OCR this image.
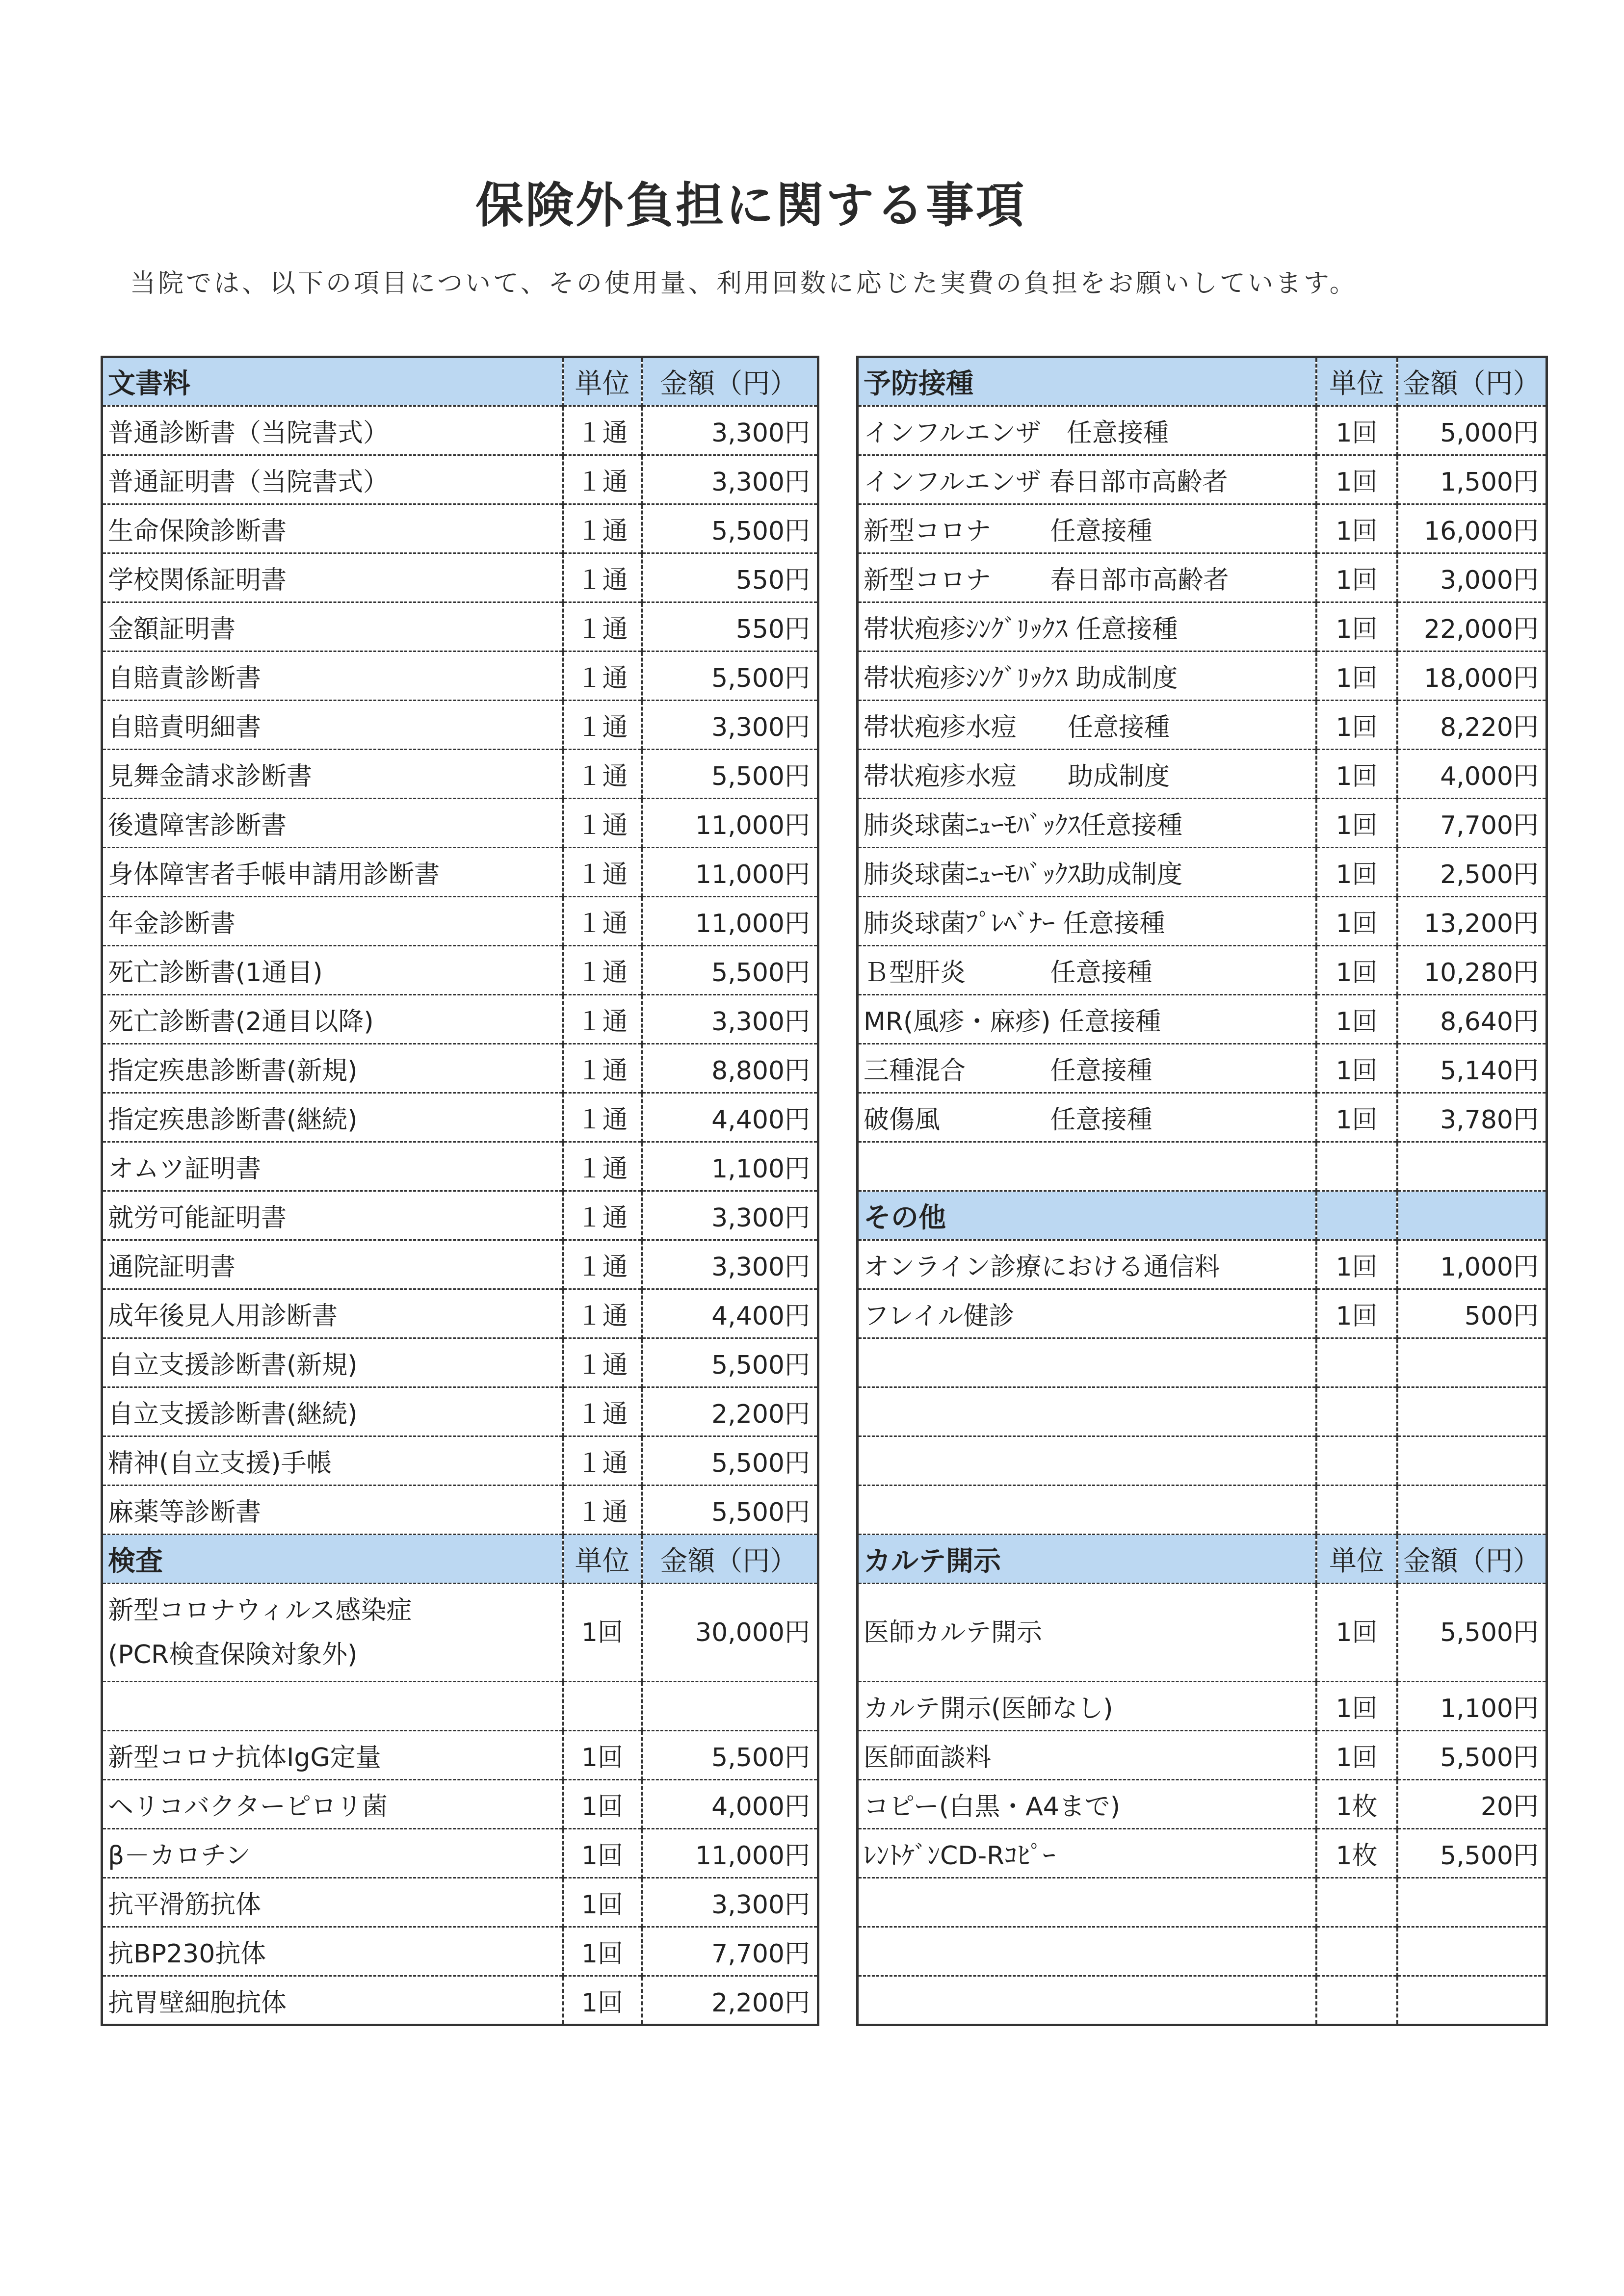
保険外負担に関する事項
当院では、以下の項目について、その使用量、利用回数に応じた実費の負担をお願いしています。
文書料	単位	金額（円）
普通診断書（当院書式）	１通	3,300円
普通証明書（当院書式）	１通	3,300円
生命保険診断書	１通	5,500円
学校関係証明書	１通	550円
金額証明書	１通	550円
自賠責診断書	１通	5,500円
自賠責明細書	１通	3,300円
見舞金請求診断書	１通	5,500円
後遺障害診断書	１通	11,000円
身体障害者手帳申請用診断書	１通	11,000円
年金診断書	１通	11,000円
死亡診断書(1通目)	１通	5,500円
死亡診断書(2通目以降)	１通	3,300円
指定疾患診断書(新規)	１通	8,800円
指定疾患診断書(継続)	１通	4,400円
オムツ証明書	１通	1,100円
就労可能証明書	１通	3,300円
通院証明書	１通	3,300円
成年後見人用診断書	１通	4,400円
自立支援診断書(新規)	１通	5,500円
自立支援診断書(継続)	１通	2,200円
精神(自立支援)手帳	１通	5,500円
麻薬等診断書	１通	5,500円
検査	単位	金額（円）

新型コロナウィルス感染症
(PCR検査保険対象外)	1回	30,000円

新型コロナ抗体IgG定量	1回	5,500円
ヘリコバクターピロリ菌	1回	4,000円
β－カロチン	1回	11,000円
抗平滑筋抗体	1回	3,300円
抗BP230抗体	1回	7,700円
抗胃壁細胞抗体	1回	2,200円
予防接種	単位	金額（円）
インフルエンザ　任意接種	1回	5,000円
インフルエンザ 春日部市高齢者	1回	1,500円
新型コロナ　　 任意接種	1回	16,000円
新型コロナ　　 春日部市高齢者	1回	3,000円
帯状疱疹ｼﾝｸﾞﾘｯｸｽ 任意接種	1回	22,000円
帯状疱疹ｼﾝｸﾞﾘｯｸｽ 助成制度	1回	18,000円
帯状疱疹水痘　　任意接種	1回	8,220円
帯状疱疹水痘　　助成制度	1回	4,000円
肺炎球菌ﾆｭｰﾓﾊﾞｯｸｽ任意接種	1回	7,700円
肺炎球菌ﾆｭｰﾓﾊﾞｯｸｽ助成制度	1回	2,500円
肺炎球菌ﾌﾟﾚﾍﾞﾅｰ 任意接種	1回	13,200円
Ｂ型肝炎　　　 任意接種	1回	10,280円
MR(風疹・麻疹) 任意接種	1回	8,640円
三種混合　　　 任意接種	1回	5,140円
破傷風　　　　 任意接種	1回	3,780円

その他		
オンライン診療における通信料	1回	1,000円
フレイル健診	1回	500円

カルテ開示	単位	金額（円）
医師カルテ開示	1回	5,500円
カルテ開示(医師なし)	1回	1,100円
医師面談料	1回	5,500円
コピー(白黒・A4まで)	1枚	20円
ﾚﾝﾄｹﾞﾝCD-Rｺﾋﾟｰ	1枚	5,500円
